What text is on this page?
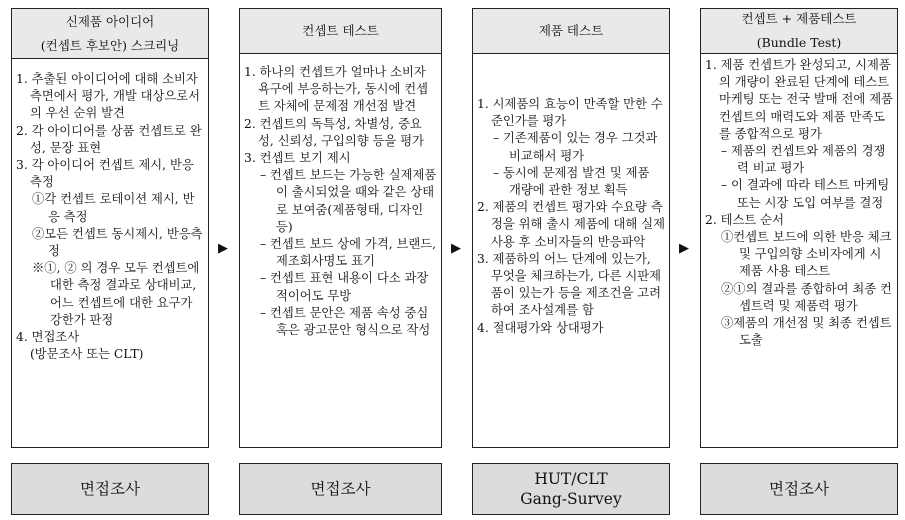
신제품 아이디어
(컨셉트 후보안) 스크리닝
1. 추출된 아이디어에 대해 소비자 측면에서 평가, 개발 대상으로서의 우선 순위 발견
2. 각 아이디어를 상품 컨셉트로 완성, 문장 표현
3. 각 아이디어 컨셉트 제시, 반응 측정
①각 컨셉트 로테이션 제시, 반응 측정
②모든 컨셉트 동시제시, 반응측정
※①, ② 의 경우 모두 컨셉트에 대한 측정 결과로 상대비교, 어느 컨셉트에 대한 요구가 강한가 판정
4. 면접조사
(방문조사 또는 CLT)
컨셉트 테스트
1. 하나의 컨셉트가 얼마나 소비자 욕구에 부응하는가, 동시에 컨셉트 자체에 문제점 개선점 발견
2. 컨셉트의 독특성, 차별성, 중요성, 신뢰성, 구입의향 등을 평가
3. 컨셉트 보기 제시
– 컨셉트 보드는 가능한 실제제품이 출시되었을 때와 같은 상태로 보여줌(제품형태, 디자인 등)
– 컨셉트 보드 상에 가격, 브랜드, 제조회사명도 표기
– 컨셉트 표현 내용이 다소 과장적이어도 무방
– 컨셉트 문안은 제품 속성 중심 혹은 광고문안 형식으로 작성
제품 테스트
1. 시제품의 효능이 만족할 만한 수준인가를 평가
– 기존제품이 있는 경우 그것과 비교해서 평가
– 동시에 문제점 발견 및 제품 개량에 관한 정보 획득
2. 제품의 컨셉트 평가와 수요량 측정을 위해 출시 제품에 대해 실제 사용 후 소비자들의 반응파악
3. 제품하의 어느 단계에 있는가, 무엇을 체크하는가, 다른 시판제품이 있는가 등을 제조건을 고려하여 조사설계를 함
4. 절대평가와 상대평가
컨셉트 + 제품테스트
(Bundle Test)
1. 제품 컨셉트가 완성되고, 시제품의 개량이 완료된 단계에 테스트 마케팅 또는 전국 발매 전에 제품 컨셉트의 매력도와 제품 만족도를 종합적으로 평가
– 제품의 컨셉트와 제품의 경쟁력 비교 평가
– 이 결과에 따라 테스트 마케팅 또는 시장 도입 여부를 결정
2. 테스트 순서
①컨셉트 보드에 의한 반응 체크 및 구입의향 소비자에게 시제품 사용 테스트
②①의 결과를 종합하여 최종 컨셉트력 및 제품력 평가
③제품의 개선점 및 최종 컨셉트 도출
▶	▶	▶
면접조사	면접조사
HUT/CLT
Gang-Survey
면접조사
